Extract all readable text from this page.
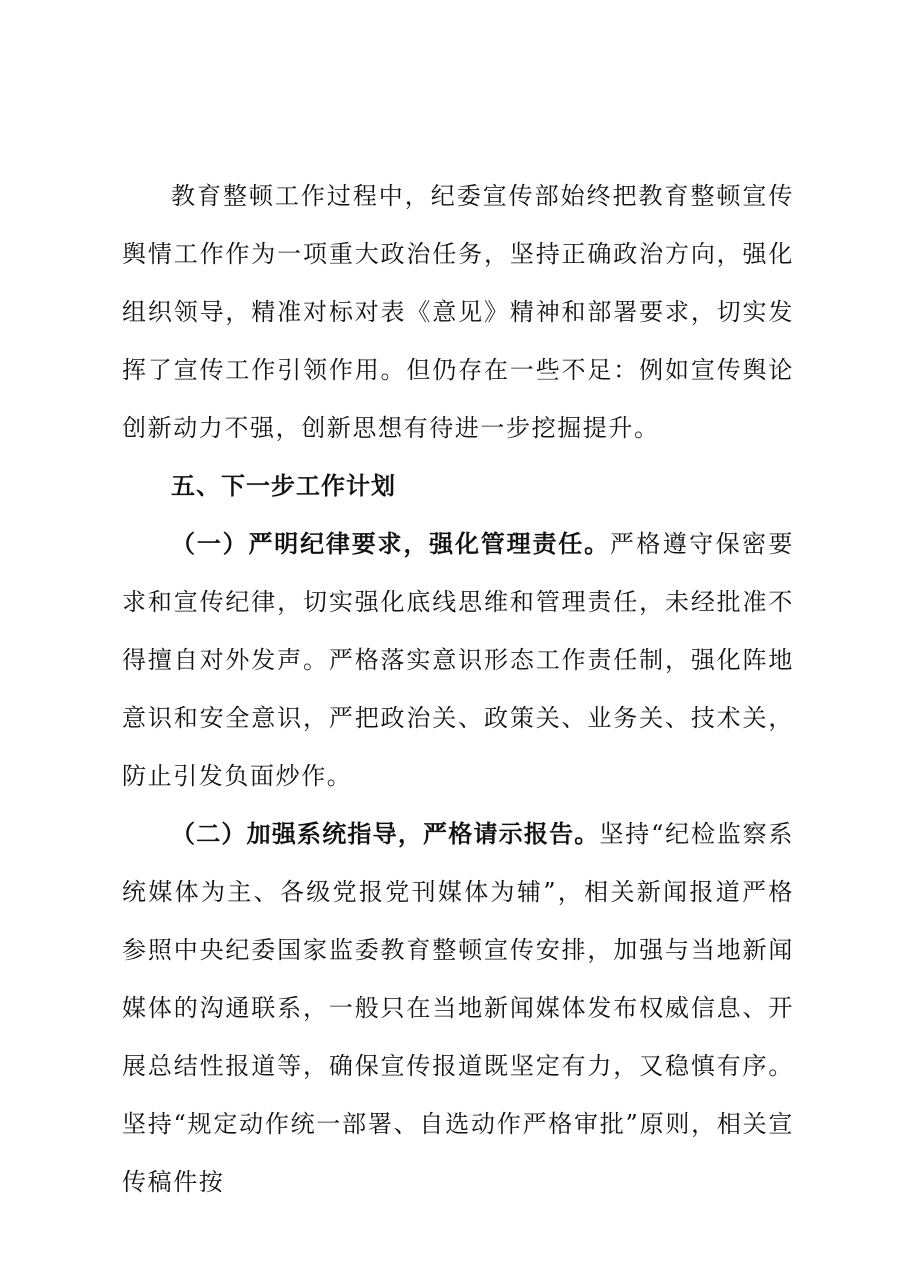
教育整顿工作过程中，纪委宣传部始终把教育整顿宣传舆情工作作为一项重大政治任务，坚持正确政治方向，强化组织领导，精准对标对表《意见》精神和部署要求，切实发挥了宣传工作引领作用。但仍存在一些不足：例如宣传舆论创新动力不强，创新思想有待进一步挖掘提升。

五、下一步工作计划

（一）严明纪律要求，强化管理责任。严格遵守保密要求和宣传纪律，切实强化底线思维和管理责任，未经批准不得擅自对外发声。严格落实意识形态工作责任制，强化阵地意识和安全意识，严把政治关、政策关、业务关、技术关，防止引发负面炒作。

（二）加强系统指导，严格请示报告。坚持“纪检监察系统媒体为主、各级党报党刊媒体为辅”，相关新闻报道严格参照中央纪委国家监委教育整顿宣传安排，加强与当地新闻媒体的沟通联系，一般只在当地新闻媒体发布权威信息、开展总结性报道等，确保宣传报道既坚定有力，又稳慎有序。坚持“规定动作统一部署、自选动作严格审批”原则，相关宣传稿件按
